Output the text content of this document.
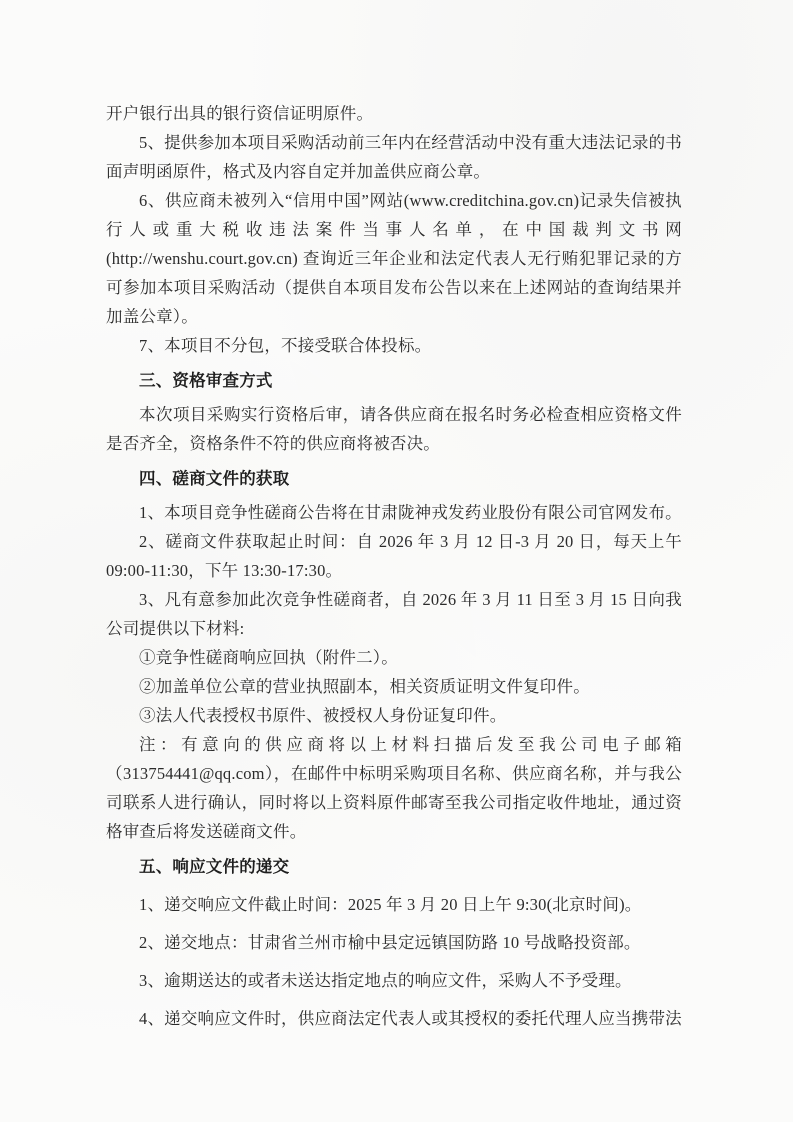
开户银行出具的银行资信证明原件。

5、提供参加本项目采购活动前三年内在经营活动中没有重大违法记录的书面声明函原件，格式及内容自定并加盖供应商公章。

6、供应商未被列入“信用中国”网站(www.creditchina.gov.cn)记录失信被执行人或重大税收违法案件当事人名单，在中国裁判文书网(http://wenshu.court.gov.cn) 查询近三年企业和法定代表人无行贿犯罪记录的方可参加本项目采购活动（提供自本项目发布公告以来在上述网站的查询结果并加盖公章）。

7、本项目不分包，不接受联合体投标。

三、资格审查方式

本次项目采购实行资格后审，请各供应商在报名时务必检查相应资格文件是否齐全，资格条件不符的供应商将被否决。

四、磋商文件的获取

1、本项目竞争性磋商公告将在甘肃陇神戎发药业股份有限公司官网发布。

2、磋商文件获取起止时间：自 2026 年 3 月 12 日-3 月 20 日，每天上午09:00-11:30，下午 13:30-17:30。

3、凡有意参加此次竞争性磋商者，自 2026 年 3 月 11 日至 3 月 15 日向我公司提供以下材料:

①竞争性磋商响应回执（附件二）。

②加盖单位公章的营业执照副本，相关资质证明文件复印件。

③法人代表授权书原件、被授权人身份证复印件。

注：有意向的供应商将以上材料扫描后发至我公司电子邮箱（313754441@qq.com），在邮件中标明采购项目名称、供应商名称，并与我公司联系人进行确认，同时将以上资料原件邮寄至我公司指定收件地址，通过资格审查后将发送磋商文件。

五、响应文件的递交

1、递交响应文件截止时间：2025 年 3 月 20 日上午 9:30(北京时间)。

2、递交地点：甘肃省兰州市榆中县定远镇国防路 10 号战略投资部。

3、逾期送达的或者未送达指定地点的响应文件，采购人不予受理。

4、递交响应文件时，供应商法定代表人或其授权的委托代理人应当携带法
